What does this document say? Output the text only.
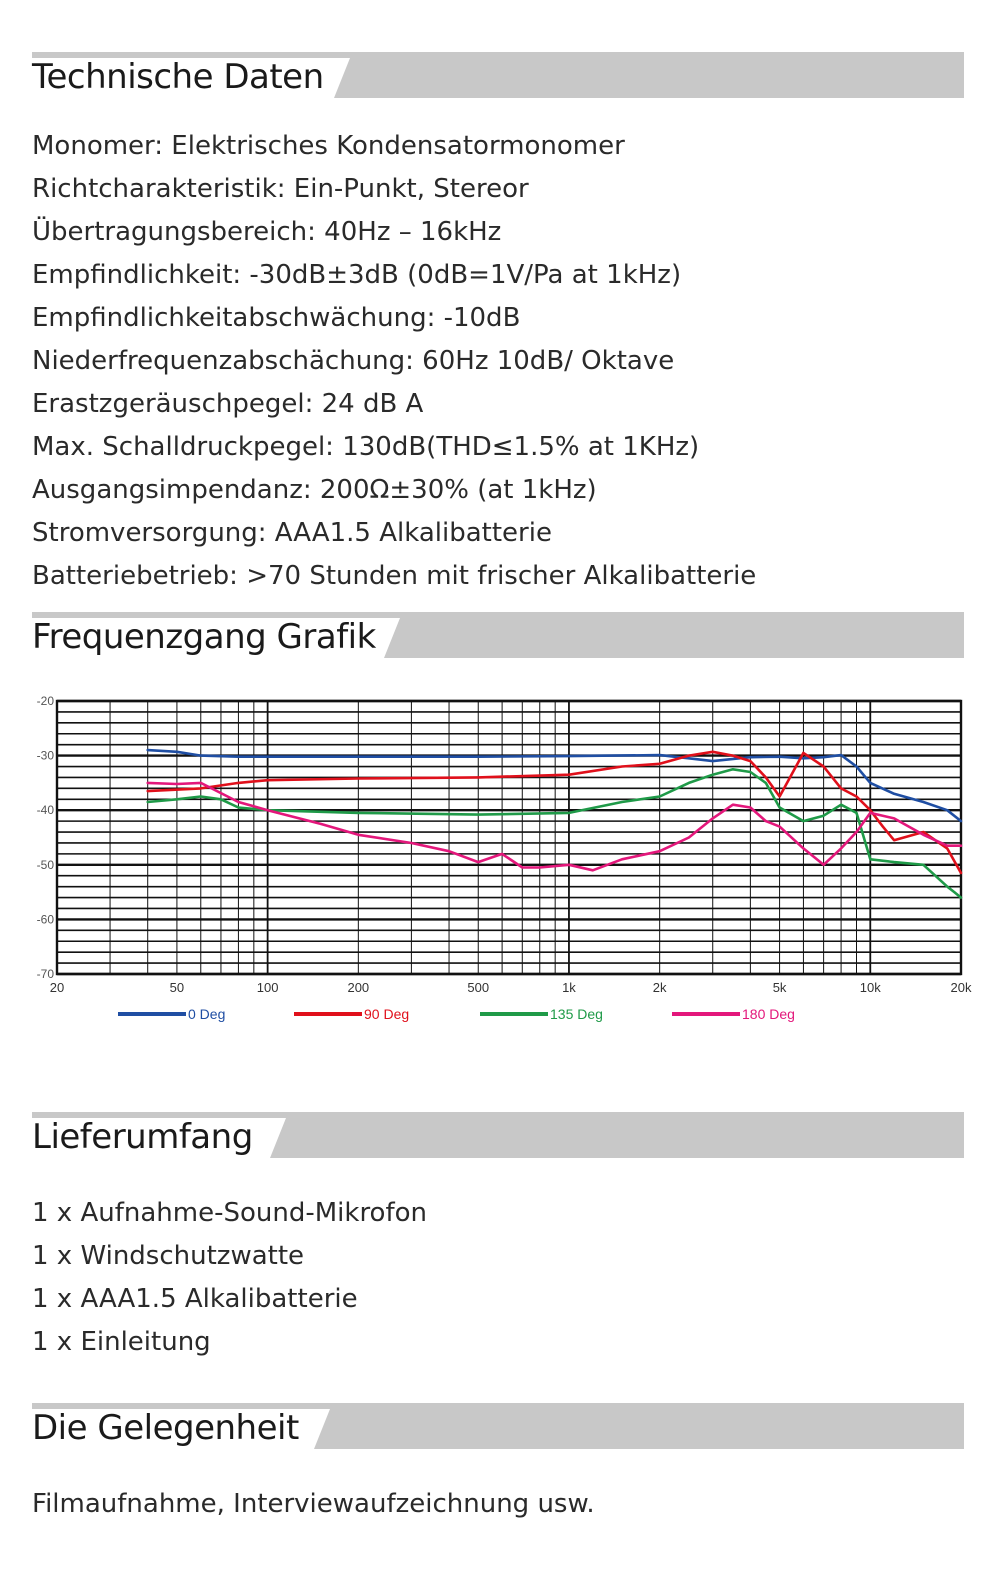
Technische Daten
Monomer: Elektrisches Kondensatormonomer
Richtcharakteristik: Ein-Punkt, Stereor
Übertragungsbereich: 40Hz – 16kHz
Empfindlichkeit: -30dB±3dB (0dB=1V/Pa at 1kHz)
Empfindlichkeitabschwächung: -10dB
Niederfrequenzabschächung: 60Hz 10dB/ Oktave
Erastzgeräuschpegel: 24 dB A
Max. Schalldruckpegel: 130dB(THD≤1.5% at 1KHz)
Ausgangsimpendanz: 200Ω±30% (at 1kHz)
Stromversorgung: AAA1.5 Alkalibatterie
Batteriebetrieb: >70 Stunden mit frischer Alkalibatterie
Frequenzgang Grafik
-20
-30
-40
-50
-60
-70
20	50	100	200	500	1k	2k	5k	10k	20k
0 Deg	90 Deg	135 Deg	180 Deg
Lieferumfang
1 x Aufnahme-Sound-Mikrofon
1 x Windschutzwatte
1 x AAA1.5 Alkalibatterie
1 x Einleitung
Die Gelegenheit
Filmaufnahme, Interviewaufzeichnung usw.
